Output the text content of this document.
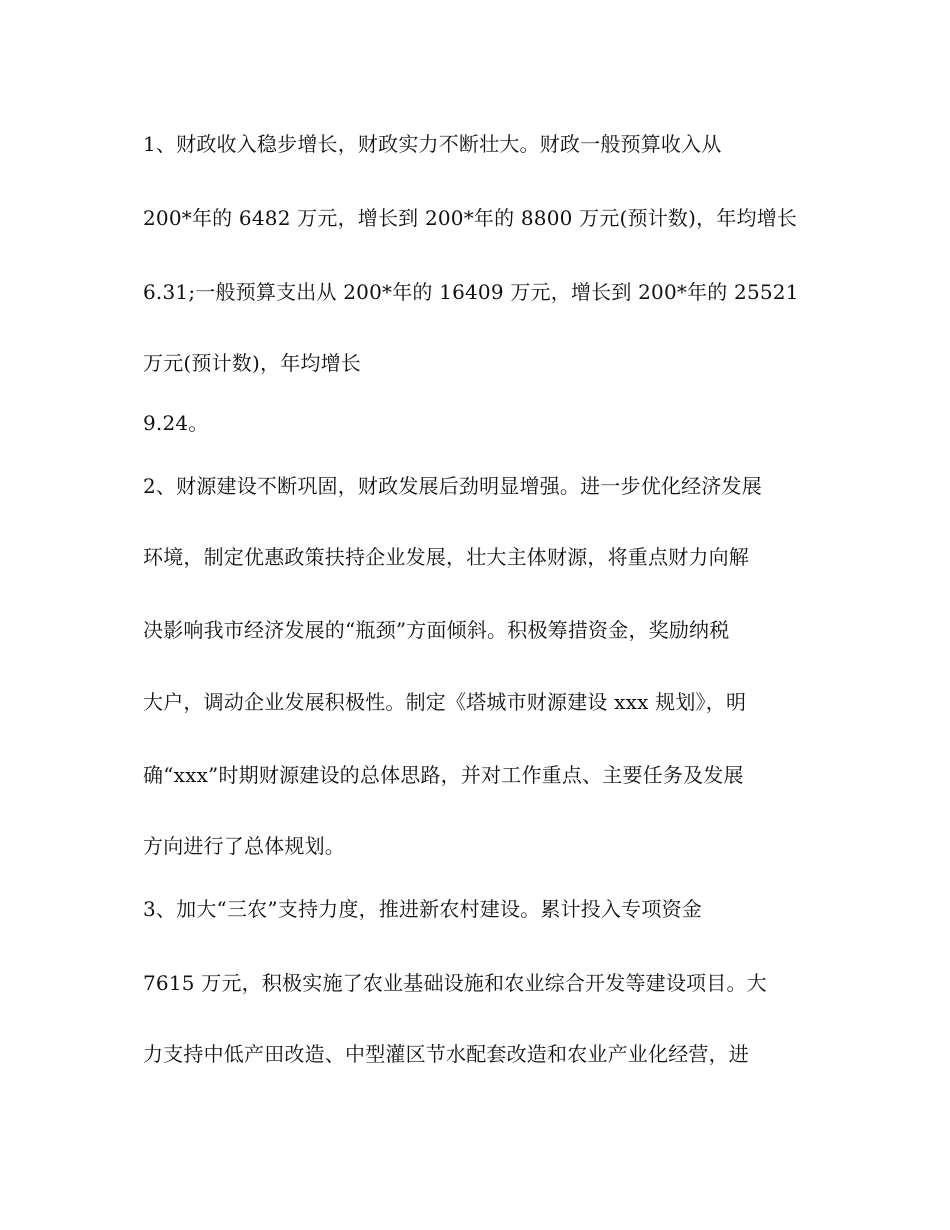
1、财政收入稳步增长，财政实力不断壮大。财政一般预算收入从
200*年的 6482 万元，增长到 200*年的 8800 万元(预计数)，年均增长
6.31;一般预算支出从 200*年的 16409 万元，增长到 200*年的 25521
万元(预计数)，年均增长
9.24。
2、财源建设不断巩固，财政发展后劲明显增强。进一步优化经济发展
环境，制定优惠政策扶持企业发展，壮大主体财源，将重点财力向解
决影响我市经济发展的“瓶颈”方面倾斜。积极筹措资金，奖励纳税
大户，调动企业发展积极性。制定《塔城市财源建设 xxx 规划》，明
确“xxx”时期财源建设的总体思路，并对工作重点、主要任务及发展
方向进行了总体规划。
3、加大“三农”支持力度，推进新农村建设。累计投入专项资金
7615 万元，积极实施了农业基础设施和农业综合开发等建设项目。大
力支持中低产田改造、中型灌区节水配套改造和农业产业化经营，进
